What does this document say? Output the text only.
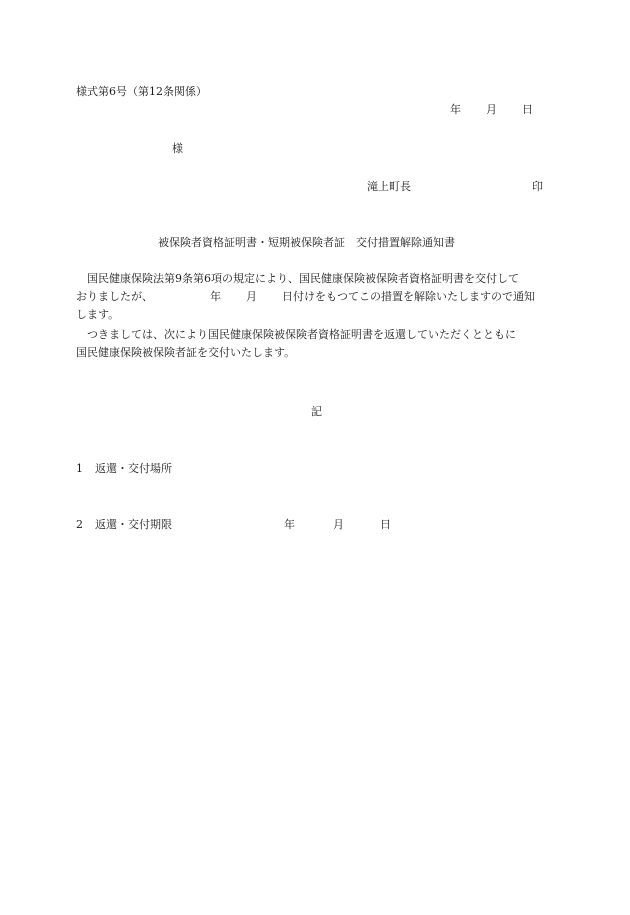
様式第6号（第12条関係）
年 月 日
様
滝上町長	印
被保険者資格証明書・短期被保険者証　交付措置解除通知書
　国民健康保険法第9条第6項の規定により、国民健康保険被保険者資格証明書を交付して
おりましたが、	年 月 日付けをもつてこの措置を解除いたしますので通知
します。
　つきましては、次により国民健康保険被保険者資格証明書を返還していただくとともに
国民健康保険被保険者証を交付いたします。
記
1 返還・交付場所
2 返還・交付期限	年	月	日
